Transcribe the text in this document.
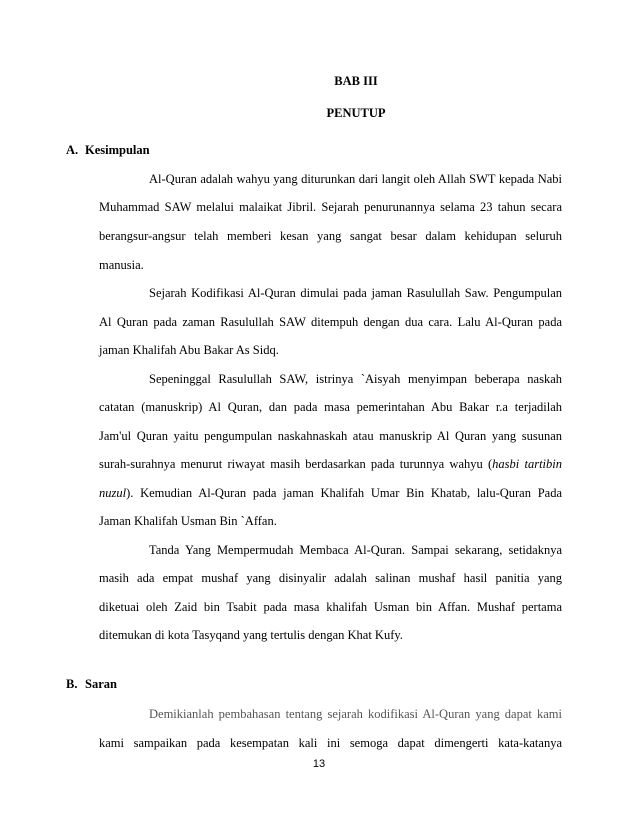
BAB III
PENUTUP
A. Kesimpulan
Al-Quran adalah wahyu yang diturunkan dari langit oleh Allah SWT kepada Nabi
Muhammad SAW melalui malaikat Jibril. Sejarah penurunannya selama 23 tahun secara
berangsur-angsur telah memberi kesan yang sangat besar dalam kehidupan seluruh
manusia.
Sejarah Kodifikasi Al-Quran dimulai pada jaman Rasulullah Saw. Pengumpulan
Al Quran pada zaman Rasulullah SAW ditempuh dengan dua cara. Lalu Al-Quran pada
jaman Khalifah Abu Bakar As Sidq.
Sepeninggal Rasulullah SAW, istrinya `Aisyah menyimpan beberapa naskah
catatan (manuskrip) Al Quran, dan pada masa pemerintahan Abu Bakar r.a terjadilah
Jam'ul Quran yaitu pengumpulan naskahnaskah atau manuskrip Al Quran yang susunan
surah-surahnya menurut riwayat masih berdasarkan pada turunnya wahyu (hasbi tartibin
nuzul). Kemudian Al-Quran pada jaman Khalifah Umar Bin Khatab, lalu-Quran Pada
Jaman Khalifah Usman Bin `Affan.
Tanda Yang Mempermudah Membaca Al-Quran. Sampai sekarang, setidaknya
masih ada empat mushaf yang disinyalir adalah salinan mushaf hasil panitia yang
diketuai oleh Zaid bin Tsabit pada masa khalifah Usman bin Affan. Mushaf pertama
ditemukan di kota Tasyqand yang tertulis dengan Khat Kufy.
B. Saran
Demikianlah pembahasan tentang sejarah kodifikasi Al-Quran yang dapat kami
kami sampaikan pada kesempatan kali ini semoga dapat dimengerti kata-katanya
13
